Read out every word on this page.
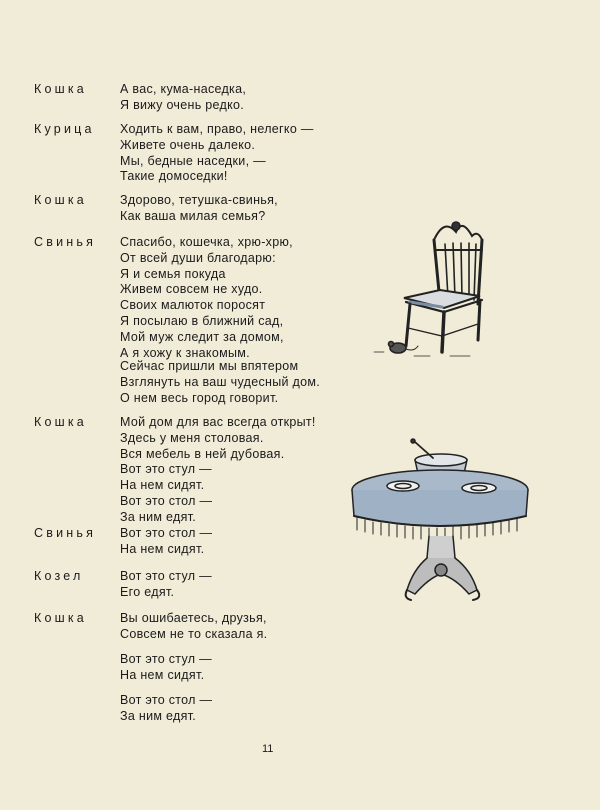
Кошка	А вас, кума-наседка,
Я вижу очень редко.
Курица Ходить к вам, право, нелегко —
Живете очень далеко.
Мы, бедные наседки, —
Такие домоседки!
Кошка	Здорово, тетушка-свинья,
Как ваша милая семья?
Свинья Спасибо, кошечка, хрю-хрю,
От всей души благодарю:
Я и семья покуда
Живем совсем не худо.
Своих малюток поросят
Я посылаю в ближний сад,
Мой муж следит за домом,
А я хожу к знакомым.
Сейчас пришли мы впятером
Взглянуть на ваш чудесный дом.
О нем весь город говорит.
Кошка	Мой дом для вас всегда открыт!
Здесь у меня столовая.
Вся мебель в ней дубовая.
Вот это стул —
На нем сидят.
Вот это стол —
За ним едят.
Свинья Вот это стол —
На нем сидят.
Козел	Вот это стул —
Его едят.
Кошка	Вы ошибаетесь, друзья,
Совсем не то сказала я.
Вот это стул —
На нем сидят.
Вот это стол —
За ним едят.
11
